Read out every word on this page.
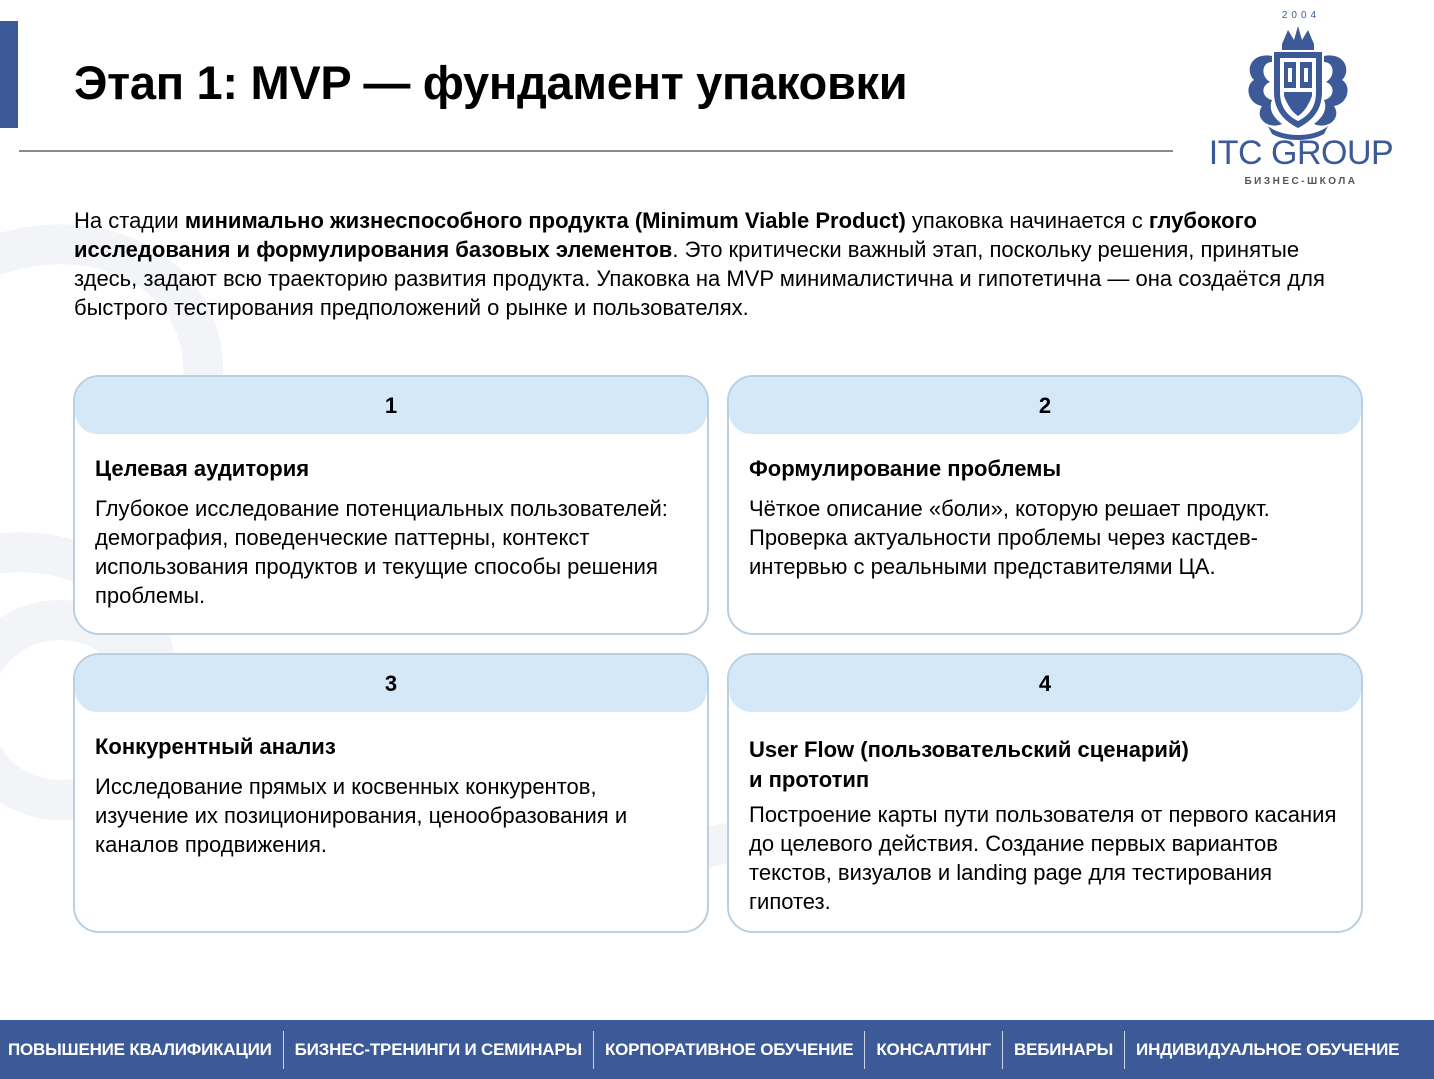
Этап 1: MVP — фундамент упаковки
2004
ITC GROUP
БИЗНЕС-ШКОЛА

На стадии минимально жизнеспособного продукта (Minimum Viable Product) упаковка начинается с глубокого исследования и формулирования базовых элементов. Это критически важный этап, поскольку решения, принятые здесь, задают всю траекторию развития продукта. Упаковка на MVP минималистична и гипотетична — она создаётся для быстрого тестирования предположений о рынке и пользователях.

1
Целевая аудитория
Глубокое исследование потенциальных пользователей: демография, поведенческие паттерны, контекст использования продуктов и текущие способы решения проблемы.
2
Формулирование проблемы
Чёткое описание «боли», которую решает продукт. Проверка актуальности проблемы через кастдев-интервью с реальными представителями ЦА.
3
Конкурентный анализ
Исследование прямых и косвенных конкурентов, изучение их позиционирования, ценообразования и каналов продвижения.
4
User Flow (пользовательский сценарий)
и прототип
Построение карты пути пользователя от первого касания до целевого действия. Создание первых вариантов текстов, визуалов и landing page для тестирования гипотез.
ПОВЫШЕНИЕ КВАЛИФИКАЦИИ БИЗНЕС-ТРЕНИНГИ И СЕМИНАРЫ КОРПОРАТИВНОЕ ОБУЧЕНИЕ КОНСАЛТИНГ ВЕБИНАРЫ ИНДИВИДУАЛЬНОЕ ОБУЧЕНИЕ
